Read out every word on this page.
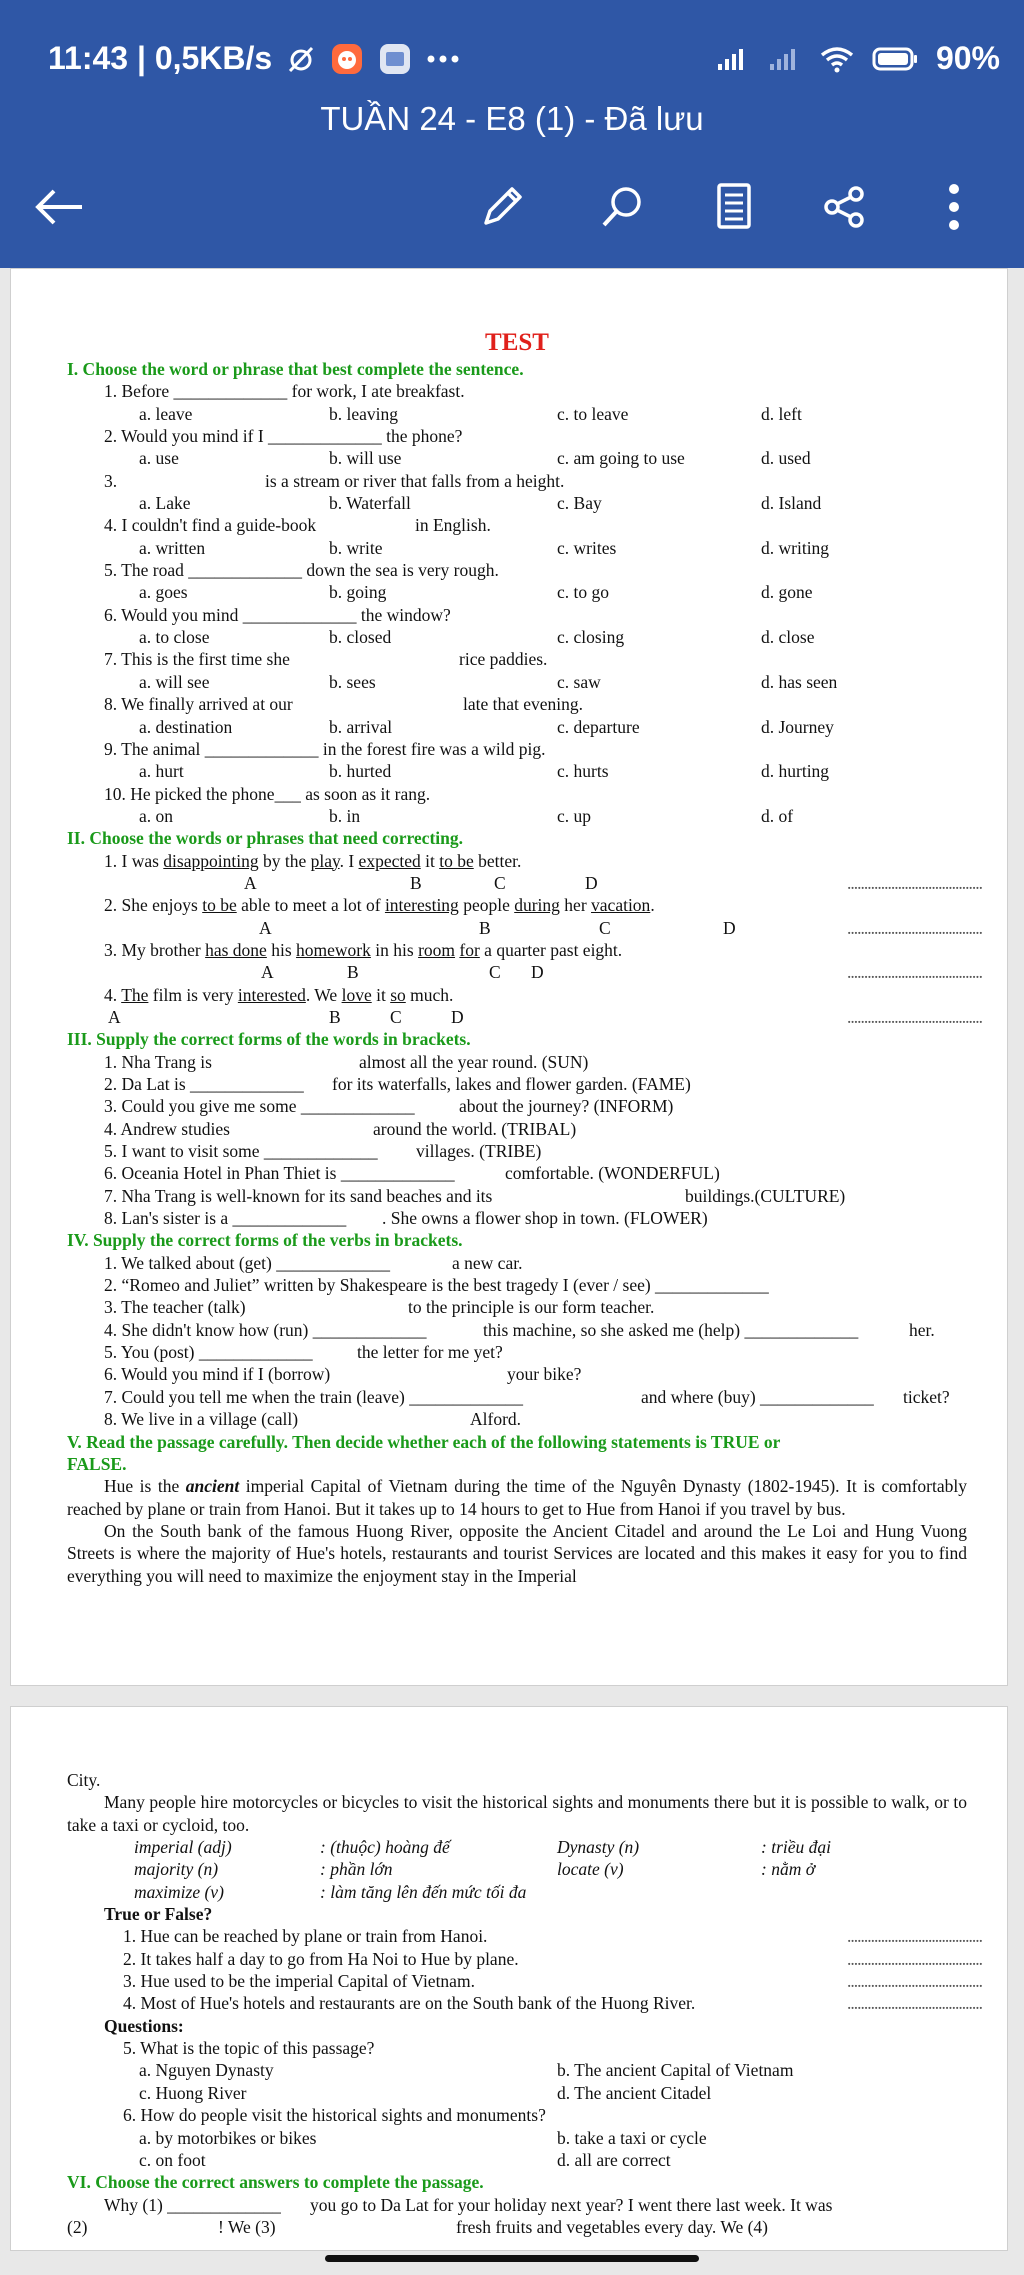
11:43 | 0,5KB/s	90%
TUẦN 24 - E8 (1) - Đã lưu
TEST
I. Choose the word or phrase that best complete the sentence.
1. Before _____________ for work, I ate breakfast.
a. leave	b. leaving	c. to leave	d. left
2. Would you mind if I _____________ the phone?
a. use	b. will use	c. am going to use	d. used
3.	is a stream or river that falls from a height.
a. Lake	b. Waterfall	c. Bay	d. Island
4. I couldn't find a guide-book	in English.
a. written	b. write	c. writes	d. writing
5. The road _____________ down the sea is very rough.
a. goes	b. going	c. to go	d. gone
6. Would you mind _____________ the window?
a. to close	b. closed	c. closing	d. close
7. This is the first time she	rice paddies.
a. will see	b. sees	c. saw	d. has seen
8. We finally arrived at our	late that evening.
a. destination	b. arrival	c. departure	d. Journey
9. The animal _____________ in the forest fire was a wild pig.
a. hurt	b. hurted	c. hurts	d. hurting
10. He picked the phone___ as soon as it rang.
a. on	b. in	c. up	d. of
II. Choose the words or phrases that need correcting.
1. I was disappointing by the play. I expected it to be better.
A	B	C	D	........................................
2. She enjoys to be able to meet a lot of interesting people during her vacation.
A	B	C	D	........................................
3. My brother has done his homework in his room for a quarter past eight.
A	B	C D	........................................
4. The film is very interested. We love it so much.
A	B	C	D	........................................
III. Supply the correct forms of the words in brackets.
1. Nha Trang is	almost all the year round. (SUN)
2. Da Lat is _____________ for its waterfalls, lakes and flower garden. (FAME)
3. Could you give me some _____________	about the journey? (INFORM)
4. Andrew studies	around the world. (TRIBAL)
5. I want to visit some _____________ villages. (TRIBE)
6. Oceania Hotel in Phan Thiet is _____________	comfortable. (WONDERFUL)
7. Nha Trang is well-known for its sand beaches and its	buildings.(CULTURE)
8. Lan's sister is a _____________ . She owns a flower shop in town. (FLOWER)
IV. Supply the correct forms of the verbs in brackets.
1. We talked about (get) _____________	a new car.
2. “Romeo and Juliet” written by Shakespeare is the best tragedy I (ever / see) _____________
3. The teacher (talk)	to the principle is our form teacher.
4. She didn't know how (run) _____________	this machine, so she asked me (help) _____________	her.
5. You (post) _____________	the letter for me yet?
6. Would you mind if I (borrow)	your bike?
7. Could you tell me when the train (leave) _____________	and where (buy) _____________ ticket?
8. We live in a village (call)	Alford.
V. Read the passage carefully. Then decide whether each of the following statements is TRUE or
FALSE.
Hue is the ancient imperial Capital of Vietnam during the time of the Nguyên Dynasty (1802-1945). It is comfortably reached by plane or train from Hanoi. But it takes up to 14 hours to get to Hue from Hanoi if you travel by bus.
On the South bank of the famous Huong River, opposite the Ancient Citadel and around the Le Loi and Hung Vuong Streets is where the majority of Hue's hotels, restaurants and tourist Services are located and this makes it easy for you to find everything you will need to maximize the enjoyment stay in the Imperial
City.
Many people hire motorcycles or bicycles to visit the historical sights and monuments there but it is possible to walk, or to take a taxi or cycloid, too.
imperial (adj)	: (thuộc) hoàng đế	Dynasty (n)	: triều đại
majority (n)	: phần lớn	locate (v)	: nằm ở
maximize (v)	: làm tăng lên đến mức tối đa
True or False?
1. Hue can be reached by plane or train from Hanoi.	........................................
2. It takes half a day to go from Ha Noi to Hue by plane.	........................................
3. Hue used to be the imperial Capital of Vietnam.	........................................
4. Most of Hue's hotels and restaurants are on the South bank of the Huong River.	........................................
Questions:
5. What is the topic of this passage?
a. Nguyen Dynasty	b. The ancient Capital of Vietnam
c. Huong River	d. The ancient Citadel
6. How do people visit the historical sights and monuments?
a. by motorbikes or bikes	b. take a taxi or cycle
c. on foot	d. all are correct
VI. Choose the correct answers to complete the passage.
Why (1) _____________ you go to Da Lat for your holiday next year? I went there last week. It was
(2)	! We (3)	fresh fruits and vegetables every day. We (4)
